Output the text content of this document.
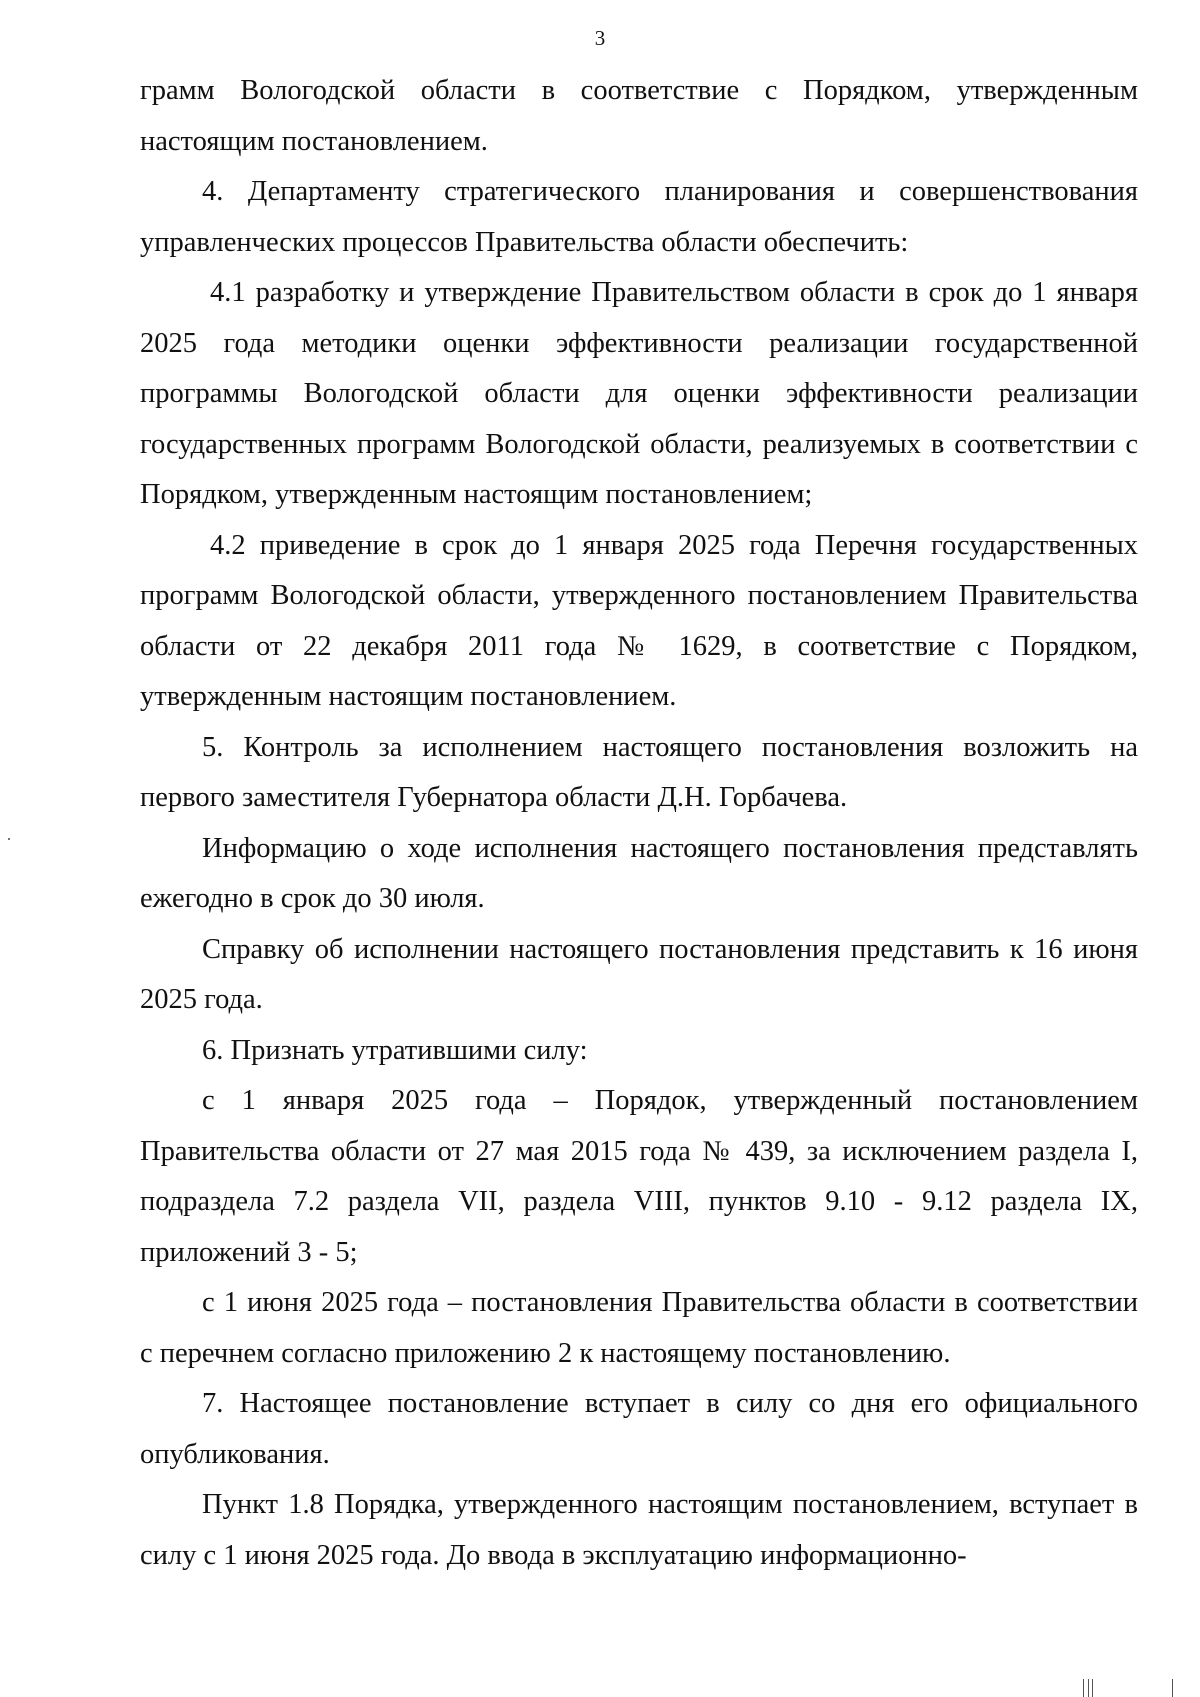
3

грамм Вологодской области в соответствие с Порядком, утвержденным настоящим постановлением.

4. Департаменту стратегического планирования и совершенствования управленческих процессов Правительства области обеспечить:

4.1 разработку и утверждение Правительством области в срок до 1 января 2025 года методики оценки эффективности реализации государственной программы Вологодской области для оценки эффективности реализации государственных программ Вологодской области, реализуемых в соответствии с Порядком, утвержденным настоящим постановлением;

4.2 приведение в срок до 1 января 2025 года Перечня государственных программ Вологодской области, утвержденного постановлением Правительства области от 22 декабря 2011 года № 1629, в соответствие с Порядком, утвержденным настоящим постановлением.

5. Контроль за исполнением настоящего постановления возложить на первого заместителя Губернатора области Д.Н. Горбачева.

Информацию о ходе исполнения настоящего постановления представлять ежегодно в срок до 30 июля.

Справку об исполнении настоящего постановления представить к 16 июня 2025 года.

6. Признать утратившими силу:

с 1 января 2025 года – Порядок, утвержденный постановлением Правительства области от 27 мая 2015 года № 439, за исключением раздела I, подраздела 7.2 раздела VII, раздела VIII, пунктов 9.10 - 9.12 раздела IX, приложений 3 - 5;

с 1 июня 2025 года – постановления Правительства области в соответствии с перечнем согласно приложению 2 к настоящему постановлению.

7. Настоящее постановление вступает в силу со дня его официального опубликования.

Пункт 1.8 Порядка, утвержденного настоящим постановлением, вступает в силу с 1 июня 2025 года. До ввода в эксплуатацию информационно-
